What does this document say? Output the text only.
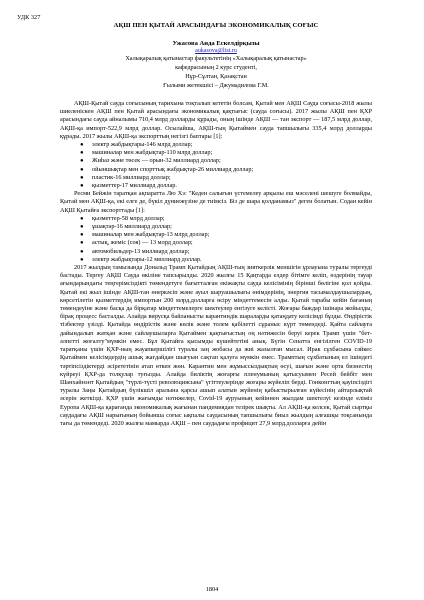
УДК 327
АҚШ ПЕН ҚЫТАЙ АРАСЫНДАҒЫ ЭКОНОМИКАЛЫҚ СОҒЫС
Ужасова Аида Ескелдірқызы
aukasova@list.ru
Халықаралық қатынастар факультетінің «Халықаралық қатынастар»
кафедрасының 2 курс студенті,
Нұр-Сұлтан, Қазақстан
Ғылыми жетекшісі – Джумадилова Г.М.

АҚШ-Қытай сауда соғысының тарихына тоқталып кететін болсам, Қытай мен АҚШ Сауда соғысы-2018 жылы шиеленіскен АҚШ пен Қытай арасындағы экономикалық қақтығыс (сауда соғысы). 2017 жылы АҚШ пен ҚХР арасындағы сауда айналымы 710,4 млрд долларды құрады, оның ішінде АҚШ — тан экспорт — 187,5 млрд доллар, АҚШ-қа импорт-522,9 млрд доллар. Осылайша, АҚШ-тың Қытаймен сауда тапшылығы 335,4 млрд долларды құрады. 2017 жылы АҚШ-қа экспорттың негізгі баптары [1]:

● электр жабдықтары-146 млрд доллар;
● машиналар мен жабдықтар-110 млрд доллар;
● Жиһаз және төсек — орын-32 миллиард доллар;
● ойыншықтар мен спорттық жабдықтар-26 миллиард доллар;
● пластик-16 миллиард доллар;
● қызметтер-17 миллиард доллар.

Ресми Бейжін таратқан ақпаратта Лю Хэ: "Кеден салығын үстемелеу арқылы еш мәселені шешуге болмайды, Қытай мен АҚШ-қа, екі елге де, бүкіл дүниежүзіне де тиімсіз. Біз де шара қолданамыз" деген болатын. Содан кейін АҚШ Қытайға экспорттады [1]:

● қызметтер-58 млрд доллар;
● ұшақтар-16 миллиард доллар;
● машиналар мен жабдықтар-13 млрд доллар;
● астық, жеміс (соя) — 13 млрд доллар;
● автомобильдер-13 миллиард доллар;
● электр жабдықтары-12 миллиард доллар.

2017 жылдың тамызында Дональд Трамп Қытайдың АҚШ-тың зияткерлік меншігін ұрлауына туралы тергеуді бастады. Тергеу АҚШ Сауда өкіліне тапсырылды. 2020 жылғы 15 Қаңтарда елдер бітімге келіп, өздерінің тауар ағындарындағы теңгерімсіздікті төмендетуге бағытталған екіжақты сауда келісімінің бірінші бөлігіне қол қойды. Қытай екі жыл ішінде АҚШ-тан өнеркәсіп және ауыл шаруашылығы өнімдерінің, энергия тасымалдаушылардың, көрсетілетін қызметтердің импортын 200 млрд.долларға өсіру міндеттемесін алды. Қытай тарабы кейін бағаның төмендеуіне және басқа да бірқатар міндеттемелерге шектеулер енгізуге келісті. Жоғары баждар ішінара жойылды, бірақ процесс басталды. Алайда вирусқа байланысты карантиндік шараларды қатаңдату келісімді бұзды. Өндірістік тізбектер үзілді. Қытайда өндірістік және көлік және толем қабілетті сұраныс күрт төмендеді. Қайта сайлауға дайындалып жатқан және сайлаушыларға Қытаймен қақтығыстың оң нәтижесін беруі керек Трамп үшін "бет-әлпетті жоғалту"мүмкін емес. Бұл Қытайға қысымды күшейтетіні анық. Бүгін Сенатта енгізілген COVID-19 таратқаны үшін ҚХР-ның жауапкершілігі туралы заң жобасы да жиі жазылған мысал. Ирак сұхбасына сәйкес Қытаймен келісімдердің ашық жағдайдан шығуын сақтап қалуға мүмкін емес. Трамптың сұхбатының ел ішіндегі тәртіпсіздіктерді әсірететінін атап өткен жөн. Карантин мен жұмыссыздықтың өсуі, шағын және орта бизнестің күйреуі ҚХР-да толқулар туғызды. Алайда биліктің жоғарғы пленумының қатысуымен Ресей бейбіт мен Шанхайнэнт Қытайдың "түрлі-түсті революциясына" үгіттеулерінде жоғары жүйеліп берді. Гонконгтың қауіпсіздігі туралы Заңы Қытайдың бүлікшіл аралына қарсы ашып алатын жүйенің қабыстырылған күйесінің айтарлықтай әсерін жеткізді. ҚХР үшін жағымды нәтижелер, Covid-19 ауруының кейіннен жылдам шектелуі кезінде еліміз Еуропа АҚШ-қа қарағанда экономикалық жағынан пандемиядан тезірек шықты. Ал АҚШ-қа келсек, Қытай сыртқы саудадағы АҚШ нарығының бойынша соғыс ықпалы саудасының тапшылығы биыл жылдың алғашқы тоқсанында тағы да төмендеді. 2020 жылғы мамырда АҚШ – пен саудадағы профицит 27,9 млрд.долларға дейін

1804
